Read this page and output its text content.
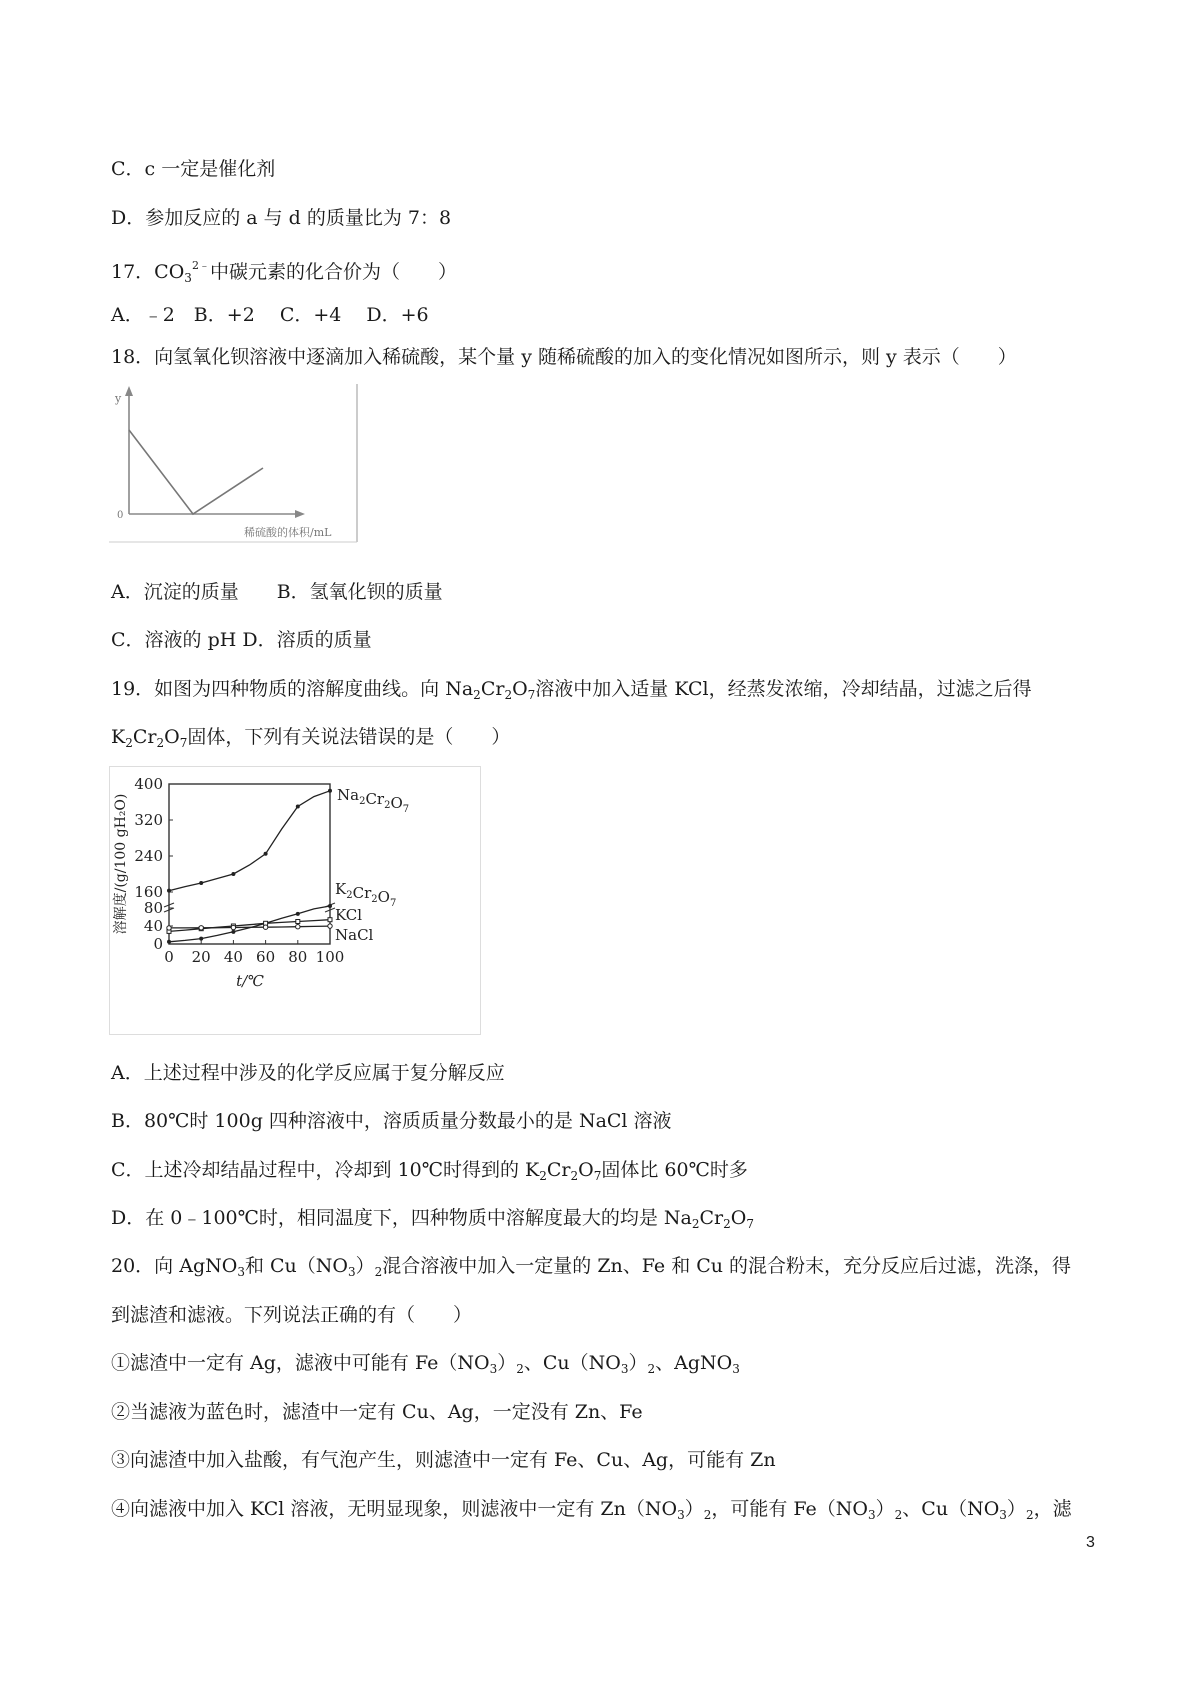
C．c 一定是催化剂
D．参加反应的 a 与 d 的质量比为 7：8
17．$CO_3^{2﹣}$中碳元素的化合价为（　　）
A．﹣2　B．+2　 C．+4　 D．+6
18．向氢氧化钡溶液中逐滴加入稀硫酸，某个量 y 随稀硫酸的加入的变化情况如图所示，则 y 表示（　　）
y
0
稀硫酸的体积/mL
A．沉淀的质量　　B．氢氧化钡的质量
C．溶液的 pH D．溶质的质量
19．如图为四种物质的溶解度曲线。向 $Na_2Cr_2O_7$溶液中加入适量 KCl，经蒸发浓缩，冷却结晶，过滤之后得
$K_2Cr_2O_7$固体，下列有关说法错误的是（　　）
0
40
80
160
240
320
400
0 20 40 60 80 100
t/℃
溶解度/(g/100 gH₂O)	$Na_2Cr_2O_7$
$K_2Cr_2O_7$
KCl
NaCl
A．上述过程中涉及的化学反应属于复分解反应
B．80℃时 100g 四种溶液中，溶质质量分数最小的是 NaCl 溶液
C．上述冷却结晶过程中，冷却到 10℃时得到的 $K_2Cr_2O_7$固体比 60℃时多
D．在 0﹣100℃时，相同温度下，四种物质中溶解度最大的均是 $Na_2Cr_2O_7$
20．向 AgNO$_3$和 $Cu(NO_3)_2$混合溶液中加入一定量的 Zn、Fe 和 Cu 的混合粉末，充分反应后过滤，洗涤，得
到滤渣和滤液。下列说法正确的有（　　）
①滤渣中一定有 Ag，滤液中可能有 $Fe(NO_3)_2$、$Cu(NO_3)_2$、AgNO$_3$
②当滤液为蓝色时，滤渣中一定有 Cu、Ag，一定没有 Zn、Fe
③向滤渣中加入盐酸，有气泡产生，则滤渣中一定有 Fe、Cu、Ag，可能有 Zn
④向滤液中加入 KCl 溶液，无明显现象，则滤液中一定有 $Zn(NO_3)_2$，可能有 $Fe(NO_3)_2$、$Cu(NO_3)_2$，滤
3
